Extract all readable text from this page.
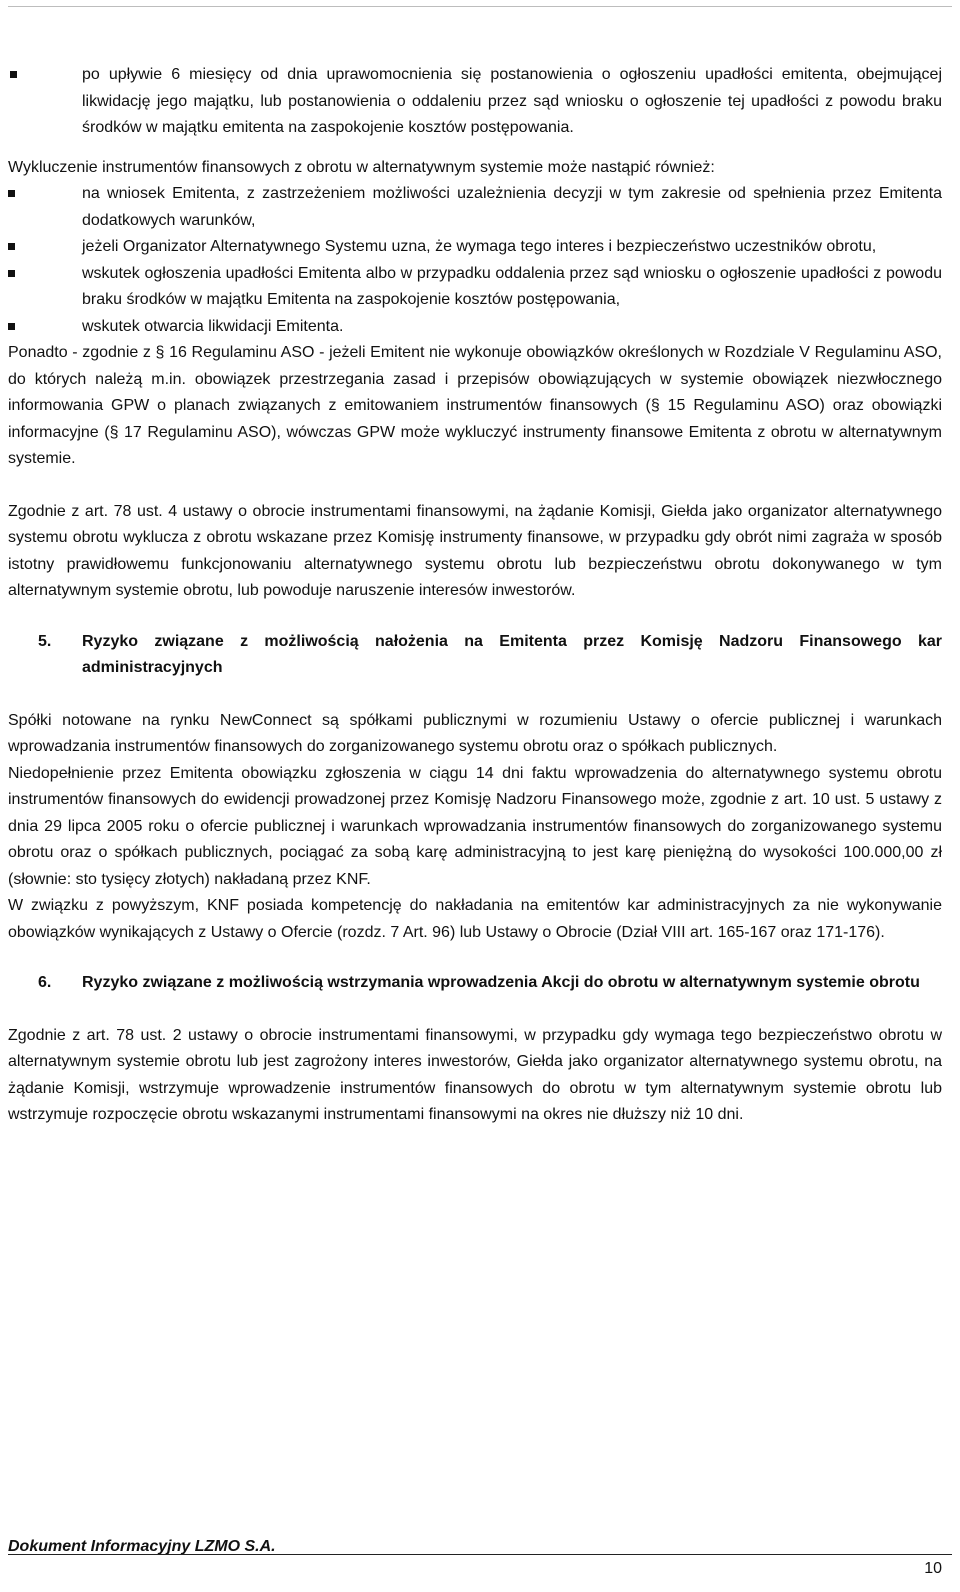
po upływie 6 miesięcy od dnia uprawomocnienia się postanowienia o ogłoszeniu upadłości emitenta, obejmującej likwidację jego majątku, lub postanowienia o oddaleniu przez sąd wniosku o ogłoszenie tej upadłości z powodu braku środków w majątku emitenta na zaspokojenie kosztów postępowania.

Wykluczenie instrumentów finansowych z obrotu w alternatywnym systemie może nastąpić również:

na wniosek Emitenta, z zastrzeżeniem możliwości uzależnienia decyzji w tym zakresie od spełnienia przez Emitenta dodatkowych warunków,
jeżeli Organizator Alternatywnego Systemu uzna, że wymaga tego interes i bezpieczeństwo uczestników obrotu,
wskutek ogłoszenia upadłości Emitenta albo w przypadku oddalenia przez sąd wniosku o ogłoszenie upadłości z powodu braku środków w majątku Emitenta na zaspokojenie kosztów postępowania,
wskutek otwarcia likwidacji Emitenta.

Ponadto - zgodnie z § 16 Regulaminu ASO - jeżeli Emitent nie wykonuje obowiązków określonych w Rozdziale V Regulaminu ASO, do których należą m.in. obowiązek przestrzegania zasad i przepisów obowiązujących w systemie obowiązek niezwłocznego informowania GPW o planach związanych z emitowaniem instrumentów finansowych (§ 15 Regulaminu ASO) oraz obowiązki informacyjne (§ 17 Regulaminu ASO), wówczas GPW może wykluczyć instrumenty finansowe Emitenta z obrotu w alternatywnym systemie.

Zgodnie z art. 78 ust. 4 ustawy o obrocie instrumentami finansowymi, na żądanie Komisji, Giełda jako organizator alternatywnego systemu obrotu wyklucza z obrotu wskazane przez Komisję instrumenty finansowe, w przypadku gdy obrót nimi zagraża w sposób istotny prawidłowemu funkcjonowaniu alternatywnego systemu obrotu lub bezpieczeństwu obrotu dokonywanego w tym alternatywnym systemie obrotu, lub powoduje naruszenie interesów inwestorów.

5.	Ryzyko związane z możliwością nałożenia na Emitenta przez Komisję Nadzoru Finansowego kar administracyjnych

Spółki notowane na rynku NewConnect są spółkami publicznymi w rozumieniu Ustawy o ofercie publicznej i warunkach wprowadzania instrumentów finansowych do zorganizowanego systemu obrotu oraz o spółkach publicznych.

Niedopełnienie przez Emitenta obowiązku zgłoszenia w ciągu 14 dni faktu wprowadzenia do alternatywnego systemu obrotu instrumentów finansowych do ewidencji prowadzonej przez Komisję Nadzoru Finansowego może, zgodnie z art. 10 ust. 5 ustawy z dnia 29 lipca 2005 roku o ofercie publicznej i warunkach wprowadzania instrumentów finansowych do zorganizowanego systemu obrotu oraz o spółkach publicznych, pociągać za sobą karę administracyjną to jest karę pieniężną do wysokości 100.000,00 zł (słownie: sto tysięcy złotych) nakładaną przez KNF.

W związku z powyższym, KNF posiada kompetencję do nakładania na emitentów kar administracyjnych za nie wykonywanie obowiązków wynikających z Ustawy o Ofercie (rozdz. 7 Art. 96) lub Ustawy o Obrocie (Dział VIII art. 165-167 oraz 171-176).

6.	Ryzyko związane z możliwością wstrzymania wprowadzenia Akcji do obrotu w alternatywnym systemie obrotu

Zgodnie z art. 78 ust. 2 ustawy o obrocie instrumentami finansowymi, w przypadku gdy wymaga tego bezpieczeństwo obrotu w alternatywnym systemie obrotu lub jest zagrożony interes inwestorów, Giełda jako organizator alternatywnego systemu obrotu, na żądanie Komisji, wstrzymuje wprowadzenie instrumentów finansowych do obrotu w tym alternatywnym systemie obrotu lub wstrzymuje rozpoczęcie obrotu wskazanymi instrumentami finansowymi na okres nie dłuższy niż 10 dni.

Dokument Informacyjny LZMO S.A.
10
